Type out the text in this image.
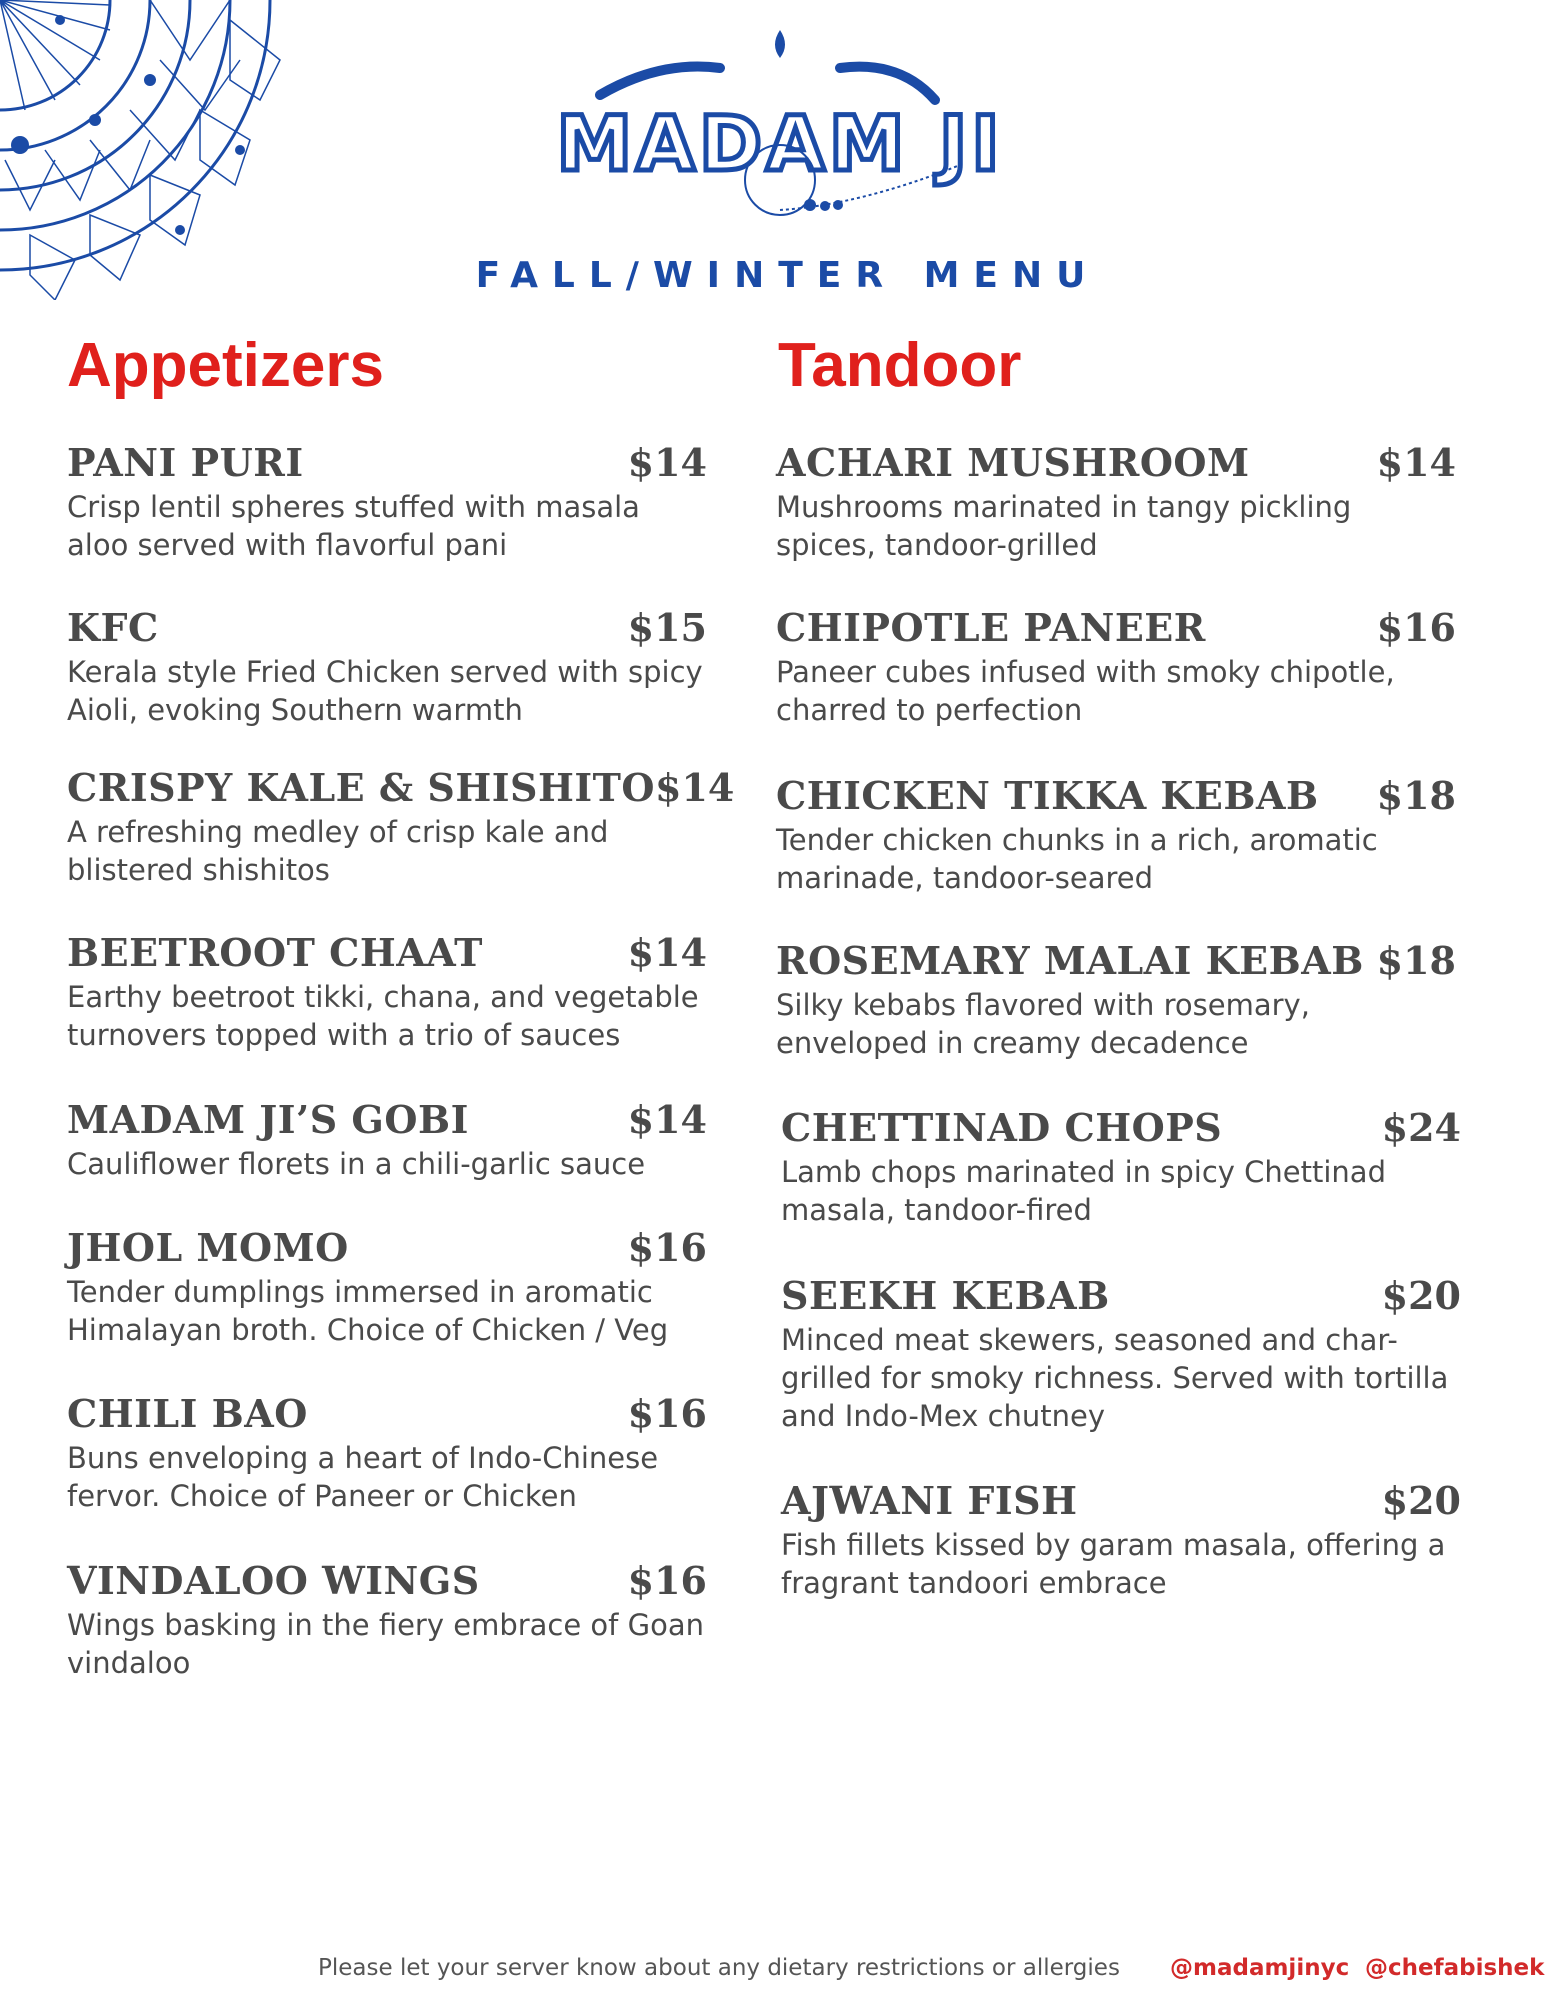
MADAM JI
FALL/WINTER MENU
Appetizers	Tandoor
PANI PURI	$14
Crisp lentil spheres stuffed with masala aloo served with flavorful pani
KFC	$15
Kerala style Fried Chicken served with spicy Aioli, evoking Southern warmth
CRISPY KALE & SHISHITO $14
A refreshing medley of crisp kale and blistered shishitos
BEETROOT CHAAT	$14
Earthy beetroot tikki, chana, and vegetable turnovers topped with a trio of sauces
MADAM JI’S GOBI	$14
Cauliflower florets in a chili-garlic sauce
JHOL MOMO	$16
Tender dumplings immersed in aromatic Himalayan broth. Choice of Chicken / Veg
CHILI BAO	$16
Buns enveloping a heart of Indo-Chinese fervor. Choice of Paneer or Chicken
VINDALOO WINGS	$16
Wings basking in the fiery embrace of Goan vindaloo
ACHARI MUSHROOM	$14
Mushrooms marinated in tangy pickling spices, tandoor-grilled
CHIPOTLE PANEER	$16
Paneer cubes infused with smoky chipotle, charred to perfection
CHICKEN TIKKA KEBAB $18
Tender chicken chunks in a rich, aromatic marinade, tandoor-seared
ROSEMARY MALAI KEBAB $18
Silky kebabs flavored with rosemary, enveloped in creamy decadence
CHETTINAD CHOPS	$24
Lamb chops marinated in spicy Chettinad masala, tandoor-fired
SEEKH KEBAB	$20
Minced meat skewers, seasoned and char-grilled for smoky richness. Served with tortilla and Indo-Mex chutney
AJWANI FISH	$20
Fish fillets kissed by garam masala, offering a fragrant tandoori embrace
Please let your server know about any dietary restrictions or allergies @madamjinyc @chefabishek
